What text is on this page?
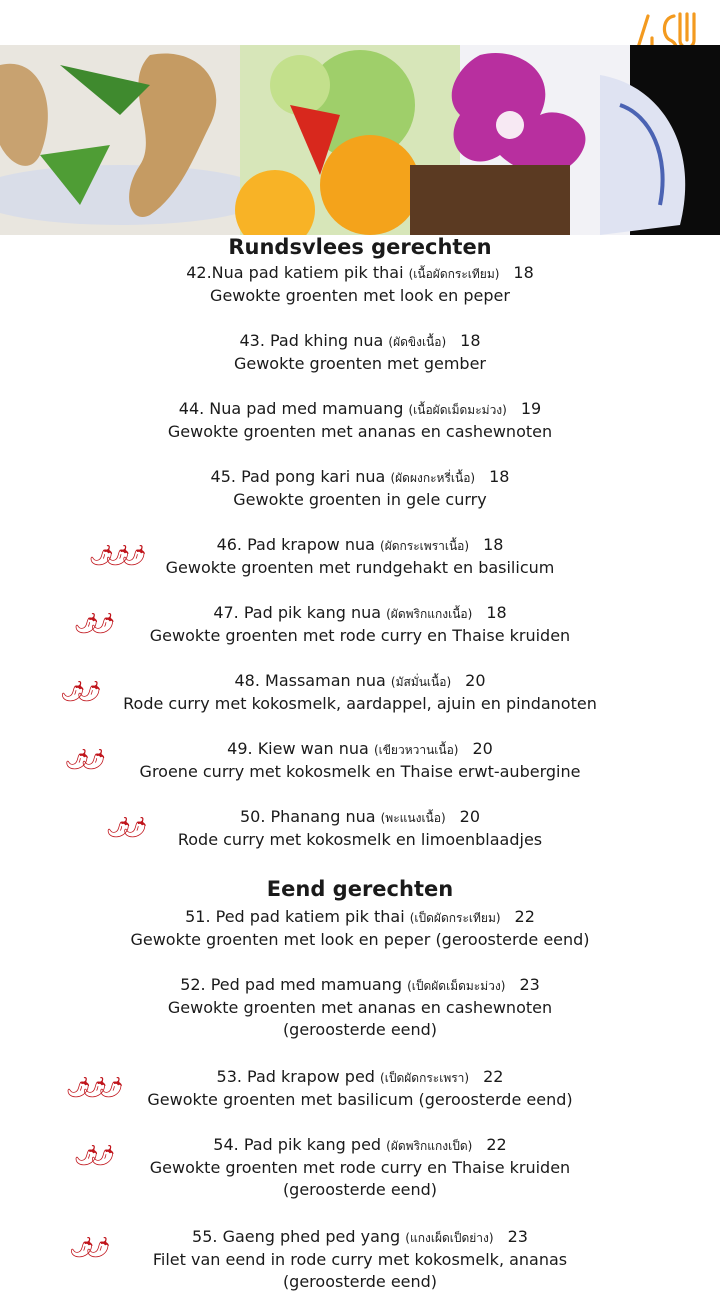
Rundsvlees gerechten
42.Nua pad katiem pik thai (เนื้อผัดกระเทียม) 18
Gewokte groenten met look en peper
43. Pad khing nua (ผัดขิงเนื้อ) 18
Gewokte groenten met gember
44. Nua pad med mamuang (เนื้อผัดเม็ดมะม่วง) 19
Gewokte groenten met ananas en cashewnoten
45. Pad pong kari nua (ผัดผงกะหรี่เนื้อ) 18
Gewokte groenten in gele curry
46. Pad krapow nua (ผัดกระเพราเนื้อ) 18
Gewokte groenten met rundgehakt en basilicum
🌶🌶🌶
47. Pad pik kang nua (ผัดพริกแกงเนื้อ) 18
Gewokte groenten met rode curry en Thaise kruiden
🌶🌶
48. Massaman nua (มัสมั่นเนื้อ) 20
Rode curry met kokosmelk, aardappel, ajuin en pindanoten
🌶🌶
49. Kiew wan nua (เขียวหวานเนื้อ) 20
Groene curry met kokosmelk en Thaise erwt-aubergine
🌶🌶
50. Phanang nua (พะแนงเนื้อ) 20
Rode curry met kokosmelk en limoenblaadjes
🌶🌶
Eend gerechten
51. Ped pad katiem pik thai (เป็ดผัดกระเทียม) 22
Gewokte groenten met look en peper (geroosterde eend)
52. Ped pad med mamuang (เป็ดผัดเม็ดมะม่วง) 23
Gewokte groenten met ananas en cashewnoten
(geroosterde eend)
53. Pad krapow ped (เป็ดผัดกระเพรา) 22
Gewokte groenten met basilicum (geroosterde eend)
🌶🌶🌶
54. Pad pik kang ped (ผัดพริกแกงเป็ด) 22
Gewokte groenten met rode curry en Thaise kruiden
(geroosterde eend)
🌶🌶
55. Gaeng phed ped yang (แกงเผ็ดเป็ดย่าง) 23
Filet van eend in rode curry met kokosmelk, ananas
(geroosterde eend)
🌶🌶
